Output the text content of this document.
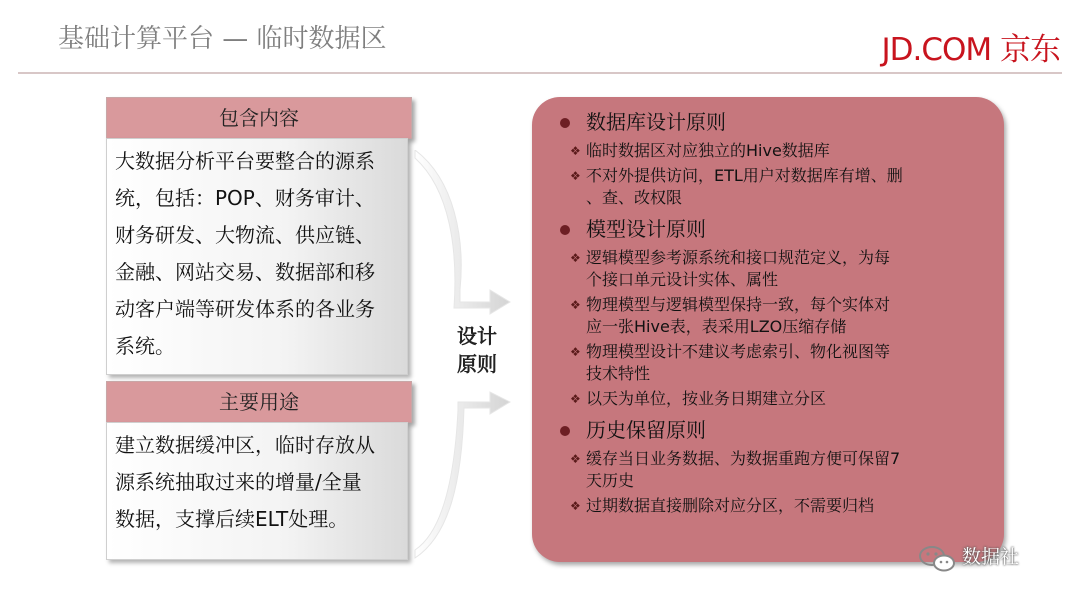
基础计算平台 — 临时数据区	JD.COM 京东
包含内容
大数据分析平台要整合的源系
统，包括：POP、财务审计、
财务研发、大物流、供应链、
金融、网站交易、数据部和移
动客户端等研发体系的各业务
系统。
主要用途
建立数据缓冲区，临时存放从
源系统抽取过来的增量/全量
数据，支撑后续ELT处理。
设计
原则
数据库设计原则
❖ 临时数据区对应独立的Hive数据库
❖ 不对外提供访问，ETL用户对数据库有增、删
、查、改权限
模型设计原则
❖ 逻辑模型参考源系统和接口规范定义，为每
个接口单元设计实体、属性
❖ 物理模型与逻辑模型保持一致，每个实体对
应一张Hive表，表采用LZO压缩存储
❖ 物理模型设计不建议考虑索引、物化视图等
技术特性
❖ 以天为单位，按业务日期建立分区
历史保留原则
❖ 缓存当日业务数据、为数据重跑方便可保留7
天历史
❖ 过期数据直接删除对应分区，不需要归档
数据社
